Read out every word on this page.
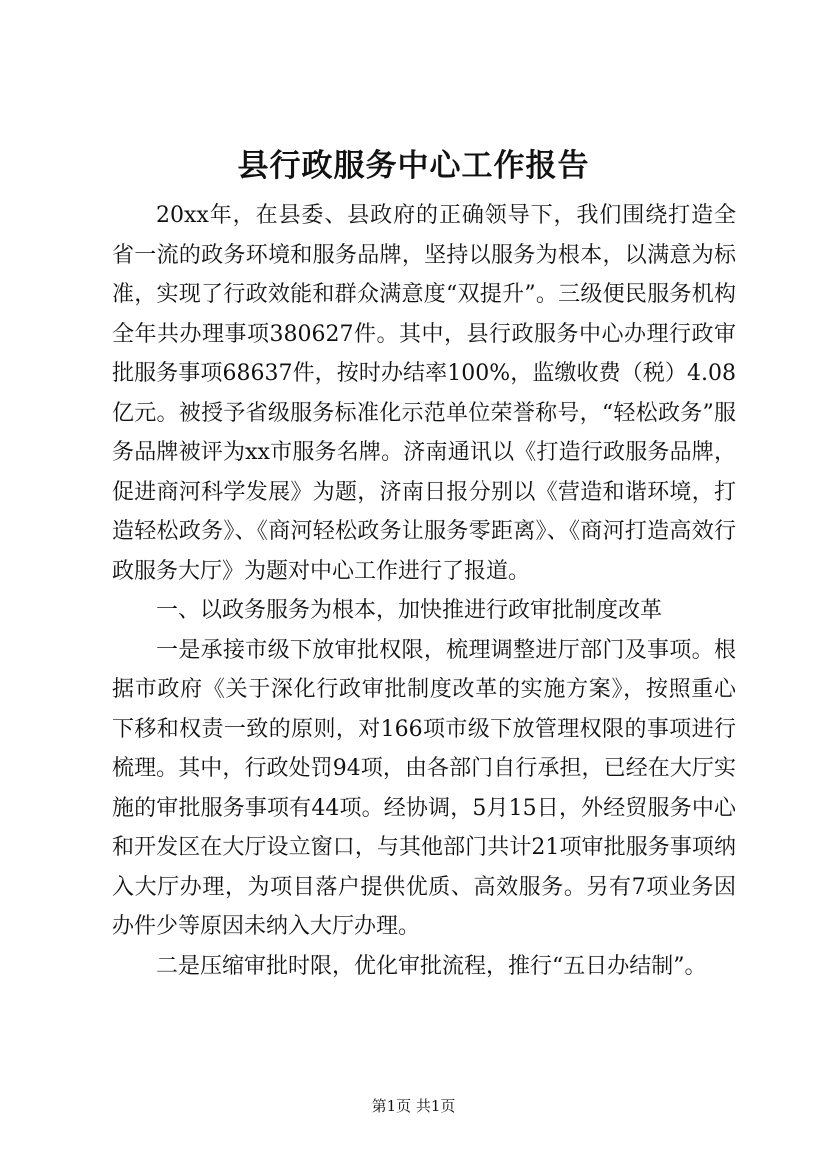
县行政服务中心工作报告

20xx年，在县委、县政府的正确领导下，我们围绕打造全省一流的政务环境和服务品牌，坚持以服务为根本，以满意为标准，实现了行政效能和群众满意度“双提升”。三级便民服务机构全年共办理事项380627件。其中，县行政服务中心办理行政审批服务事项68637件，按时办结率100%，监缴收费（税）4.08亿元。被授予省级服务标准化示范单位荣誉称号，“轻松政务”服务品牌被评为xx市服务名牌。济南通讯以《打造行政服务品牌，促进商河科学发展》为题，济南日报分别以《营造和谐环境，打造轻松政务》、《商河轻松政务让服务零距离》、《商河打造高效行政服务大厅》为题对中心工作进行了报道。

一、以政务服务为根本，加快推进行政审批制度改革

一是承接市级下放审批权限，梳理调整进厅部门及事项。根据市政府《关于深化行政审批制度改革的实施方案》，按照重心下移和权责一致的原则，对166项市级下放管理权限的事项进行梳理。其中，行政处罚94项，由各部门自行承担，已经在大厅实施的审批服务事项有44项。经协调，5月15日，外经贸服务中心和开发区在大厅设立窗口，与其他部门共计21项审批服务事项纳入大厅办理，为项目落户提供优质、高效服务。另有7项业务因办件少等原因未纳入大厅办理。

二是压缩审批时限，优化审批流程，推行“五日办结制”。

第1页 共1页
